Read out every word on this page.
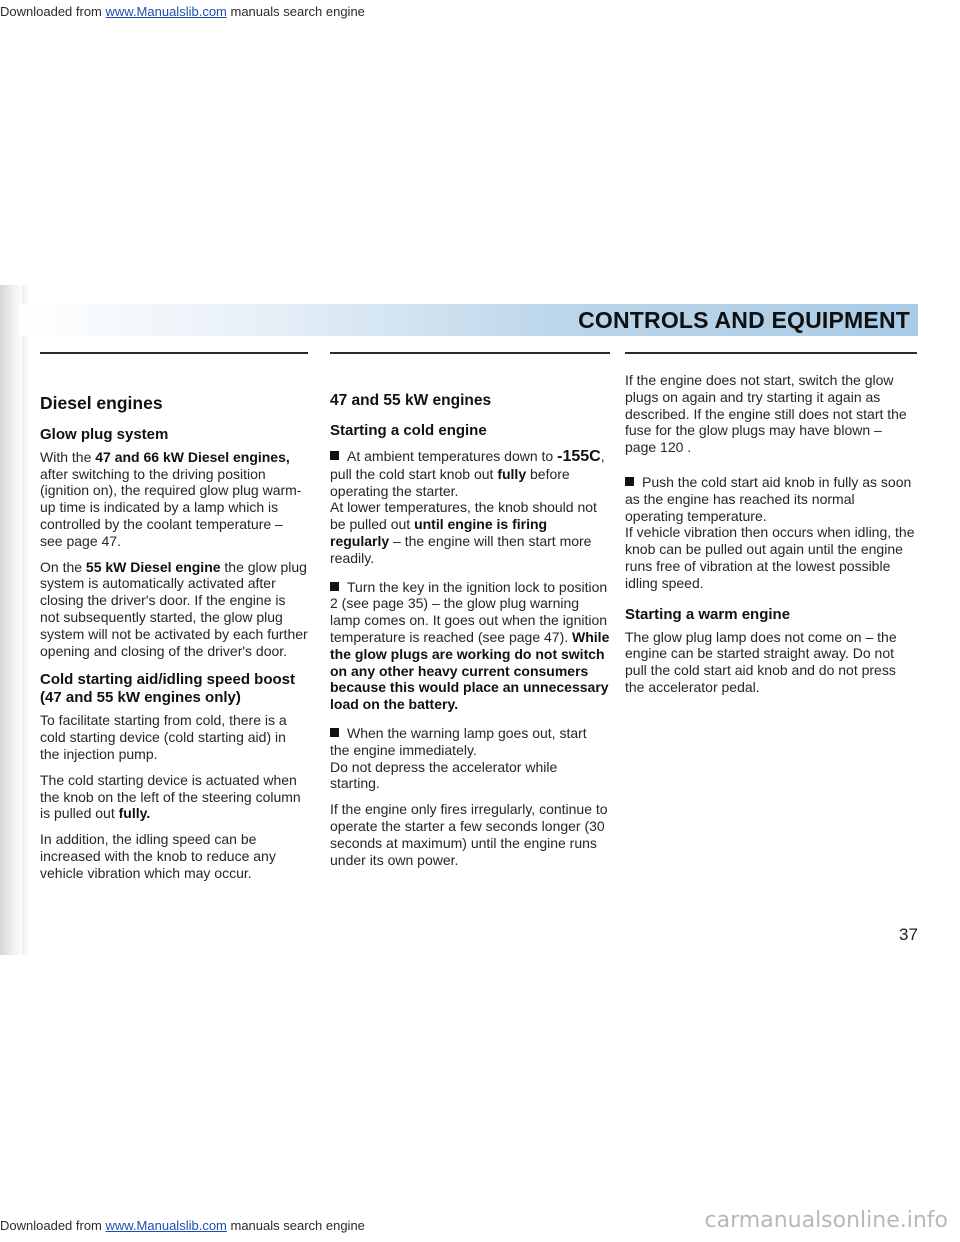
Downloaded from www.Manualslib.com manuals search engine
CONTROLS AND EQUIPMENT
Diesel engines
Glow plug system

With the 47 and 66 kW Diesel engines, after switching to the driving position (ignition on), the required glow plug warm-up time is indicated by a lamp which is controlled by the coolant temperature – see page 47.

On the 55 kW Diesel engine the glow plug system is automatically activated after closing the driver's door. If the engine is not subsequently started, the glow plug system will not be activated by each further opening and closing of the driver's door.

Cold starting aid/idling speed boost (47 and 55 kW engines only)

To facilitate starting from cold, there is a cold starting device (cold starting aid) in the injection pump.

The cold starting device is actuated when the knob on the left of the steering column is pulled out fully.

In addition, the idling speed can be increased with the knob to reduce any vehicle vibration which may occur.

47 and 55 kW engines
Starting a cold engine

At ambient temperatures down to -155C, pull the cold start knob out fully before operating the starter.

At lower temperatures, the knob should not be pulled out until engine is firing regularly – the engine will then start more readily.

Turn the key in the ignition lock to position 2 (see page 35) – the glow plug warning lamp comes on. It goes out when the ignition temperature is reached (see page 47). While the glow plugs are working do not switch on any other heavy current consumers because this would place an unnecessary load on the battery.

When the warning lamp goes out, start the engine immediately.

Do not depress the accelerator while starting.

If the engine only fires irregularly, continue to operate the starter a few seconds longer (30 seconds at maximum) until the engine runs under its own power.

If the engine does not start, switch the glow plugs on again and try starting it again as described. If the engine still does not start the fuse for the glow plugs may have blown – page 120 .

Push the cold start aid knob in fully as soon as the engine has reached its normal operating temperature.

If vehicle vibration then occurs when idling, the knob can be pulled out again until the engine runs free of vibration at the lowest possible idling speed.

Starting a warm engine

The glow plug lamp does not come on – the engine can be started straight away. Do not pull the cold start aid knob and do not press the accelerator pedal.

37
Downloaded from www.Manualslib.com manuals search engine	carmanualsonline.info
